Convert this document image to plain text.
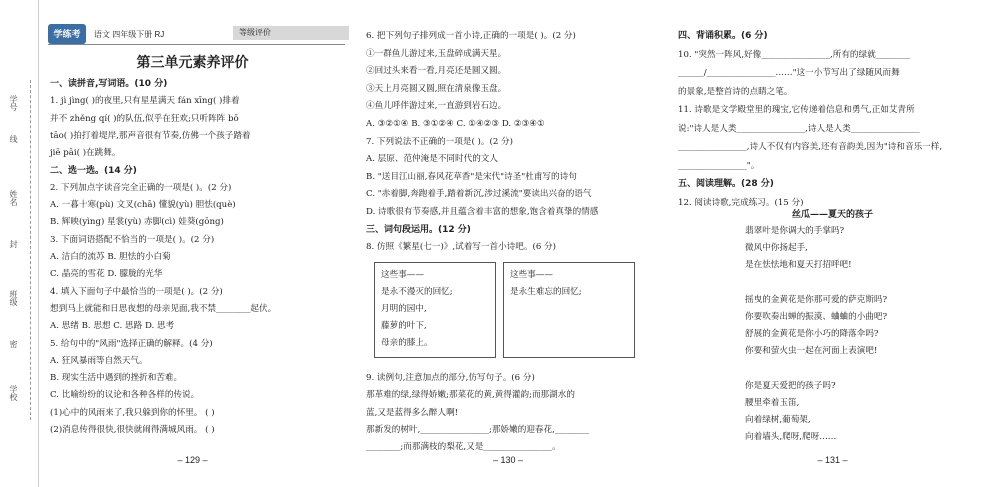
学号
线
姓名
封
班级
密
学校
学练考	语文 四年级下册 RJ	等级评价
第三单元素养评价
一、读拼音,写词语。(10 分)
1. jì jìng( )的夜里,只有星星满天 fán xīng( )排着
并不 zhěng qí( )的队伍,似乎在狂欢;只听阵阵 bō
tāo( )拍打着堤岸,那声音很有节奏,仿佛一个孩子踏着
jiē pāi( )在跳舞。
二、选一选。(14 分)
2. 下列加点字读音完全正确的一项是( )。(2 分)
A. 一暮十寒(pù) 文叉(chā) 懂貌(yù) 胆怯(què)
B. 辉映(yìng) 星裳(yù) 赤脚(cì) 娃葵(gōng)
3. 下面词语搭配不恰当的一项是( )。(2 分)
A. 洁白的流苏 B. 胆怯的小白菊
C. 晶亮的雪花 D. 朦胧的光华
4. 填入下面句子中最恰当的一项是( )。(2 分)
想到马上就能和日思夜想的母亲见面,我不禁________起伏。
A. 思绪 B. 思想 C. 思路 D. 思考
5. 给句中的"风雨"选择正确的解释。(4 分)
A. 狂风暴雨等自然天气。
B. 现实生活中遇到的挫折和苦难。
C. 比喻纷纷的议论和各种各样的传说。
(1)心中的风雨来了,我只躲到你的怀里。 ( )
(2)消息传得很快,很快就闹得满城风雨。 ( )
– 129 –
6. 把下列句子排列成一首小诗,正确的一项是( )。(2 分)
①一群鱼儿游过来,玉盘碎成满天星。
②回过头来看一看,月亮还是圆又圆。
③天上月亮圆又圆,照在清泉像玉盘。
④鱼儿呼伴游过来,一直游到岩石边。
A. ③②①④ B. ③①②④ C. ①④②③ D. ②③④①
7. 下列说法不正确的一项是( )。(2 分)
A. 层原、范仲淹是不同时代的文人
B. "送目江山丽,春风花草香"是宋代"诗圣"杜甫写的诗句
C. "赤着脚,奔跑着手,踏着新沉,涉过溪流"要读出兴奋的语气
D. 诗歌很有节奏感,并且蕴含着丰富的想象,饱含着真挚的情感
三、词句段运用。(12 分)
8. 仿照《繁星(七一)》,试着写一首小诗吧。(6 分)
这些事——
是永不漫灭的回忆;
月明的园中,
藤萝的叶下,
母亲的膝上。
这些事——
是永生难忘的回忆;
9. 读例句,注意加点的部分,仿写句子。(6 分)
那革难的绿,绿得娇嫩;那菜花的黄,黄得灌韵;而那湖水的
蓝,又是蓝得多么醉人啊!
那新发的树叶,________________;那娇嫩的迎春花,________
________;而那满枝的梨花,又是________________。
– 130 –
四、背诵积累。(6 分)
10. "突然一阵风,好像________________,所有的绿就________
______/________________……"这一小节写出了绿随风而舞
的景象,是整首诗的点睛之笔。
11. 诗歌是文学殿堂里的瑰宝,它传递着信息和勇气,正如艾青所
说:"诗人是人类________________,诗人是人类________________
________________,诗人不仅有内容美,还有音韵美,因为"诗和音乐一样,
________________"。
五、阅读理解。(28 分)
12. 阅读诗歌,完成练习。(15 分)
丝瓜——夏天的孩子
翡翠叶是你调大的手掌吗?
微风中你扬起手,
是在怯怯地和夏天打招呼吧!
摇曳的金黄花是你那可爱的萨克斯吗?
你要吹奏出蝉的振漠、蛐蛐的小曲吧?
舒展的金黄花是你小巧的降落伞吗?
你要和萤火虫一起在河面上表演吧!
你是夏天爱把的孩子吗?
腰里牵着玉笛,
向着绿树,葡萄架,
向着墙头,爬呀,爬呀……
– 131 –
